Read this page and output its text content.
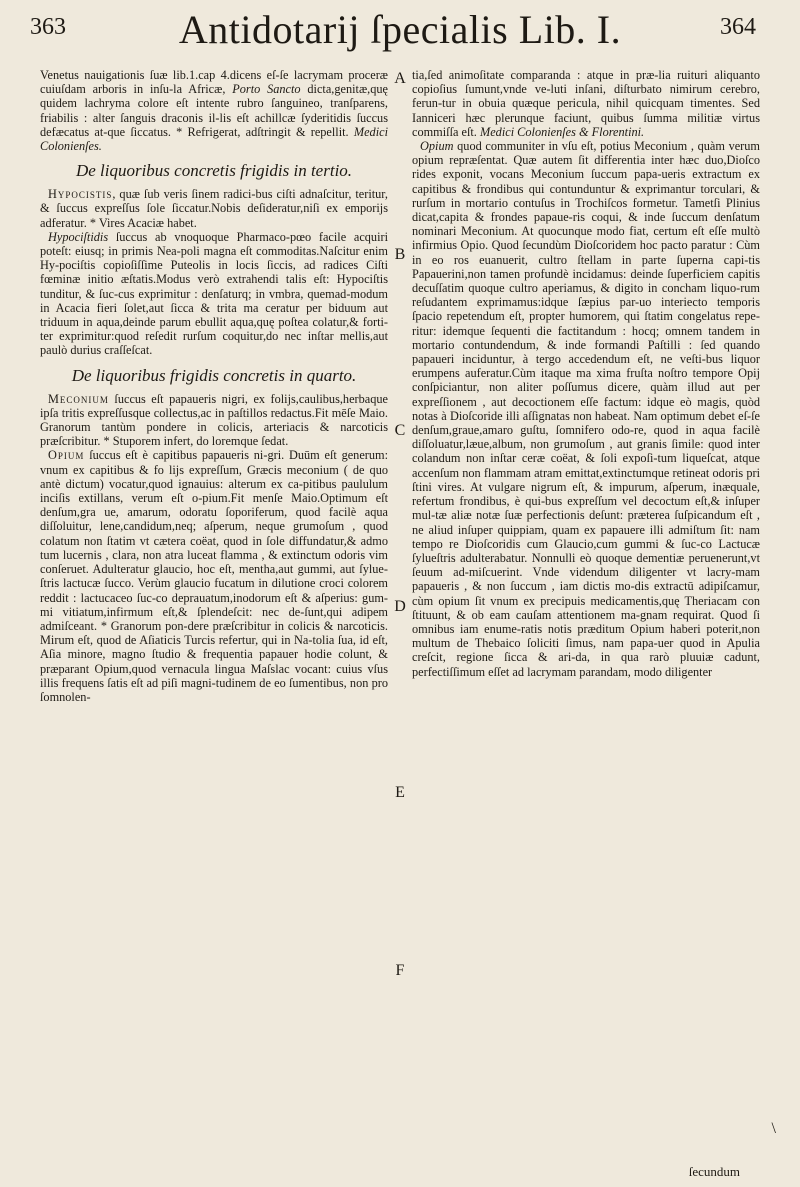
363	Antidotarij ſpecialis Lib. I.	364
A
B
C
D
E
F

Venetus nauigationis ſuæ lib.1.cap 4.dicens eſ-ſe lacrymam proceræ cuiuſdam arboris in inſu-la Africæ, Porto Sancto dicta,genitæ,quę quidem lachryma colore eſt intente rubro ſanguineo, tranſparens, friabilis : alter ſanguis draconis il-lis eſt achillcæ ſyderitidis ſuccus defæcatus at-que ſiccatus. * Refrigerat, adſtringit & repellit. Medici Colonienſes.

De liquoribus concretis frigidis in tertio.

Hypocistis, quæ ſub veris ſinem radici-bus ciſti adnaſcitur, teritur, & ſuccus expreſſus ſole ſiccatur.Nobis deſideratur,niſi ex emporijs adferatur. * Vires Acaciæ habet.

Hypociſtidis ſuccus ab vnoquoque Pharmaco-pœo facile acquiri poteſt: eiusq; in primis Nea-poli magna eſt commoditas.Naſcitur enim Hy-pociſtis copioſiſſime Puteolis in locis ſiccis, ad radices Ciſti fœminæ initio æſtatis.Modus verò extrahendi talis eſt: Hypociſtis tunditur, & ſuc-cus exprimitur : denſaturq; in vmbra, quemad-modum in Acacia fieri ſolet,aut ſicca & trita ma ceratur per biduum aut triduum in aqua,deinde parum ebullit aqua,quę poſtea colatur,& forti-ter exprimitur:quod reſedit rurſum coquitur,do nec inſtar mellis,aut paulò durius craſſeſcat.

De liquoribus frigidis concretis in quarto.

Meconium ſuccus eſt papaueris nigri, ex folijs,caulibus,herbaque ipſa tritis expreſſusque collectus,ac in paſtillos redactus.Fit mēſe Maio. Granorum tantùm pondere in colicis, arteriacis & narcoticis præſcribitur. * Stuporem infert, do loremque ſedat.

Opium ſuccus eſt è capitibus papaueris ni-gri. Duūm eſt generum: vnum ex capitibus & fo lijs expreſſum, Græcis meconium ( de quo antè dictum) vocatur,quod ignauius: alterum ex ca-pitibus paululum inciſis extillans, verum eſt o-pium.Fit menſe Maio.Optimum eſt denſum,gra ue, amarum, odoratu ſoporiferum, quod facilè aqua diſſoluitur, lene,candidum,neq; aſperum, neque grumoſum , quod colatum non ſtatim vt cætera coëat, quod in ſole diffundatur,& admo tum lucernis , clara, non atra luceat flamma , & extinctum odoris vim conſeruet. Adulteratur glaucio, hoc eſt, mentha,aut gummi, aut ſylue-ſtris lactucæ ſucco. Verùm glaucio fucatum in dilutione croci colorem reddit : lactucaceo ſuc-co deprauatum,inodorum eſt & aſperius: gum-mi vitiatum,infirmum eſt,& ſplendeſcit: nec de-ſunt,qui adipem admiſceant. * Granorum pon-dere præſcribitur in colicis & narcoticis. Mirum eſt, quod de Aſiaticis Turcis refertur, qui in Na-tolia ſua, id eſt, Aſia minore, magno ſtudio & frequentia papauer hodie colunt, & præparant Opium,quod vernacula lingua Maſslac vocant: cuius vſus illis frequens ſatis eſt ad piſi magni-tudinem de eo ſumentibus, non pro ſomnolen-

tia,ſed animoſitate comparanda : atque in præ-lia ruituri aliquanto copioſius ſumunt,vnde ve-luti inſani, diſturbato nimirum cerebro, ferun-tur in obuia quæque pericula, nihil quicquam timentes. Sed Ianniceri hæc plerunque faciunt, quibus ſumma militiæ virtus commiſſa eſt. Medici Colonienſes & Florentini.

Opium quod communiter in vſu eſt, potius Meconium , quàm verum opium repræſentat. Quæ autem ſit differentia inter hæc duo,Dioſco rides exponit, vocans Meconium ſuccum papa-ueris extractum ex capitibus & frondibus qui contunduntur & exprimantur torculari, & rurſum in mortario contuſus in Trochiſcos formetur. Tametſi Plinius dicat,capita & frondes papaue-ris coqui, & inde ſuccum denſatum nominari Meconium. At quocunque modo fiat, certum eſt eſſe multò infirmius Opio. Quod ſecundùm Dioſcoridem hoc pacto paratur : Cùm in eo ros euanuerit, cultro ſtellam in parte ſuperna capi-tis Papauerini,non tamen profundè incidamus: deinde ſuperficiem capitis decuſſatim quoque cultro aperiamus, & digito in concham liquo-rum reſudantem exprimamus:idque ſæpius par-uo interiecto temporis ſpacio repetendum eſt, propter humorem, qui ſtatim congelatus repe-ritur: idemque ſequenti die factitandum : hocq; omnem tandem in mortario contundendum, & inde formandi Paſtilli : ſed quando papaueri inciduntur, à tergo accedendum eſt, ne veſti-bus liquor erumpens auferatur.Cùm itaque ma xima fruſta noſtro tempore Opij conſpiciantur, non aliter poſſumus dicere, quàm illud aut per expreſſionem , aut decoctionem eſſe factum: idque eò magis, quòd notas à Dioſcoride illi aſſignatas non habeat. Nam optimum debet eſ-ſe denſum,graue,amaro guſtu, ſomnifero odo-re, quod in aqua facilè diſſoluatur,læue,album, non grumoſum , aut granis ſimile: quod inter colandum non inſtar ceræ coëat, & ſoli expoſi-tum liqueſcat, atque accenſum non flammam atram emittat,extinctumque retineat odoris pri ſtini vires. At vulgare nigrum eſt, & impurum, aſperum, inæquale, refertum frondibus, è qui-bus expreſſum vel decoctum eſt,& inſuper mul-tæ aliæ notæ ſuæ perfectionis deſunt: præterea ſuſpicandum eſt , ne aliud inſuper quippiam, quam ex papauere illi admiſtum ſit: nam tempo re Dioſcoridis cum Glaucio,cum gummi & ſuc-co Lactucæ ſylueſtris adulterabatur. Nonnulli eò quoque dementiæ peruenerunt,vt ſeuum ad-miſcuerint. Vnde videndum diligenter vt lacry-mam papaueris , & non ſuccum , iam dictis mo-dis extractū adipiſcamur, cùm opium ſit vnum ex precipuis medicamentis,quę Theriacam con ſtituunt, & ob eam cauſam attentionem ma-gnam requirat. Quod ſi omnibus iam enume-ratis notis præditum Opium haberi poterit,non multum de Thebaico ſoliciti ſimus, nam papa-uer quod in Apulia creſcit, regione ſicca & ari-da, in qua rarò pluuiæ cadunt, perfectiſſimum eſſet ad lacrymam parandam, modo diligenter

ſecundum
\
